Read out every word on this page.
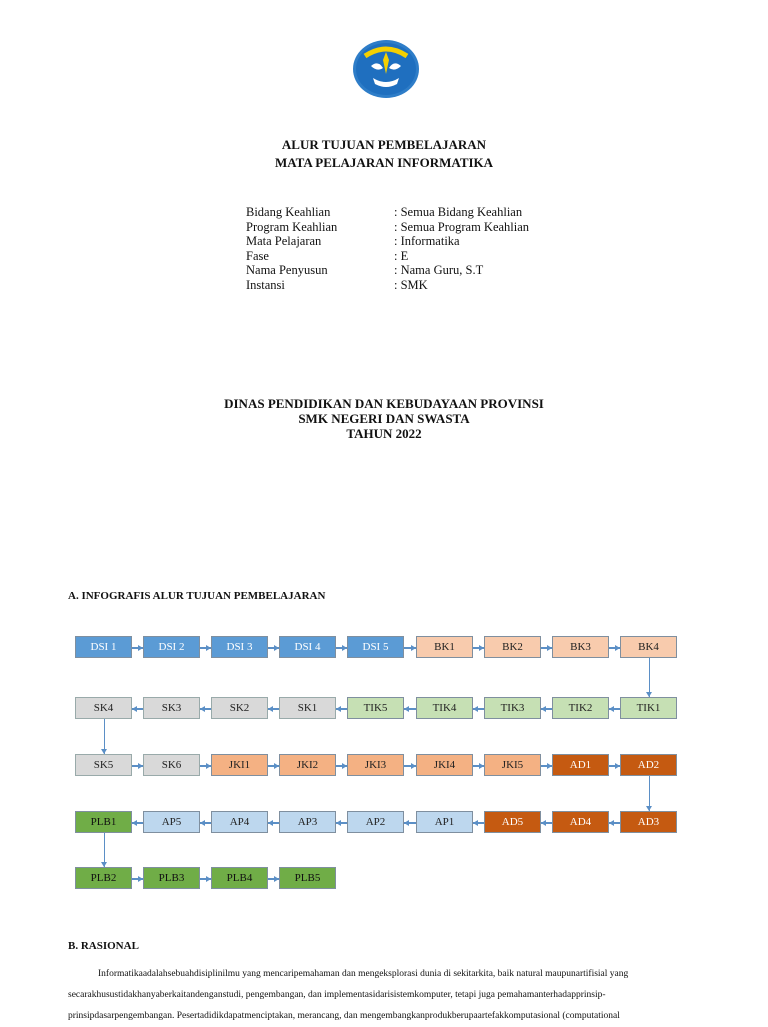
ALUR TUJUAN PEMBELAJARAN
MATA PELAJARAN INFORMATIKA
Bidang Keahlian	: Semua Bidang Keahlian
Program Keahlian	: Semua Program Keahlian
Mata Pelajaran	: Informatika
Fase	: E
Nama Penyusun	: Nama Guru, S.T
Instansi	: SMK
DINAS PENDIDIKAN DAN KEBUDAYAAN PROVINSI
SMK NEGERI DAN SWASTA
TAHUN 2022
A. INFOGRAFIS ALUR TUJUAN PEMBELAJARAN
DSI 1	DSI 2	DSI 3	DSI 4	DSI 5	BK1	BK2	BK3	BK4
SK4	SK3	SK2	SK1	TIK5	TIK4	TIK3	TIK2	TIK1
SK5	SK6	JKI1	JKI2	JKI3	JKI4	JKI5	AD1	AD2
PLB1	AP5	AP4	AP3	AP2	AP1	AD5	AD4	AD3
PLB2	PLB3	PLB4	PLB5
B. RASIONAL
Informatikaadalahsebuahdisiplinilmu yang mencaripemahaman dan mengeksplorasi dunia di sekitarkita, baik natural maupunartifisial yang
secarakhusustidakhanyaberkaitandenganstudi, pengembangan, dan implementasidarisistemkomputer, tetapi juga pemahamanterhadapprinsip-
prinsipdasarpengembangan. Pesertadidikdapatmenciptakan, merancang, dan mengembangkanprodukberupaartefakkomputasional (computational
